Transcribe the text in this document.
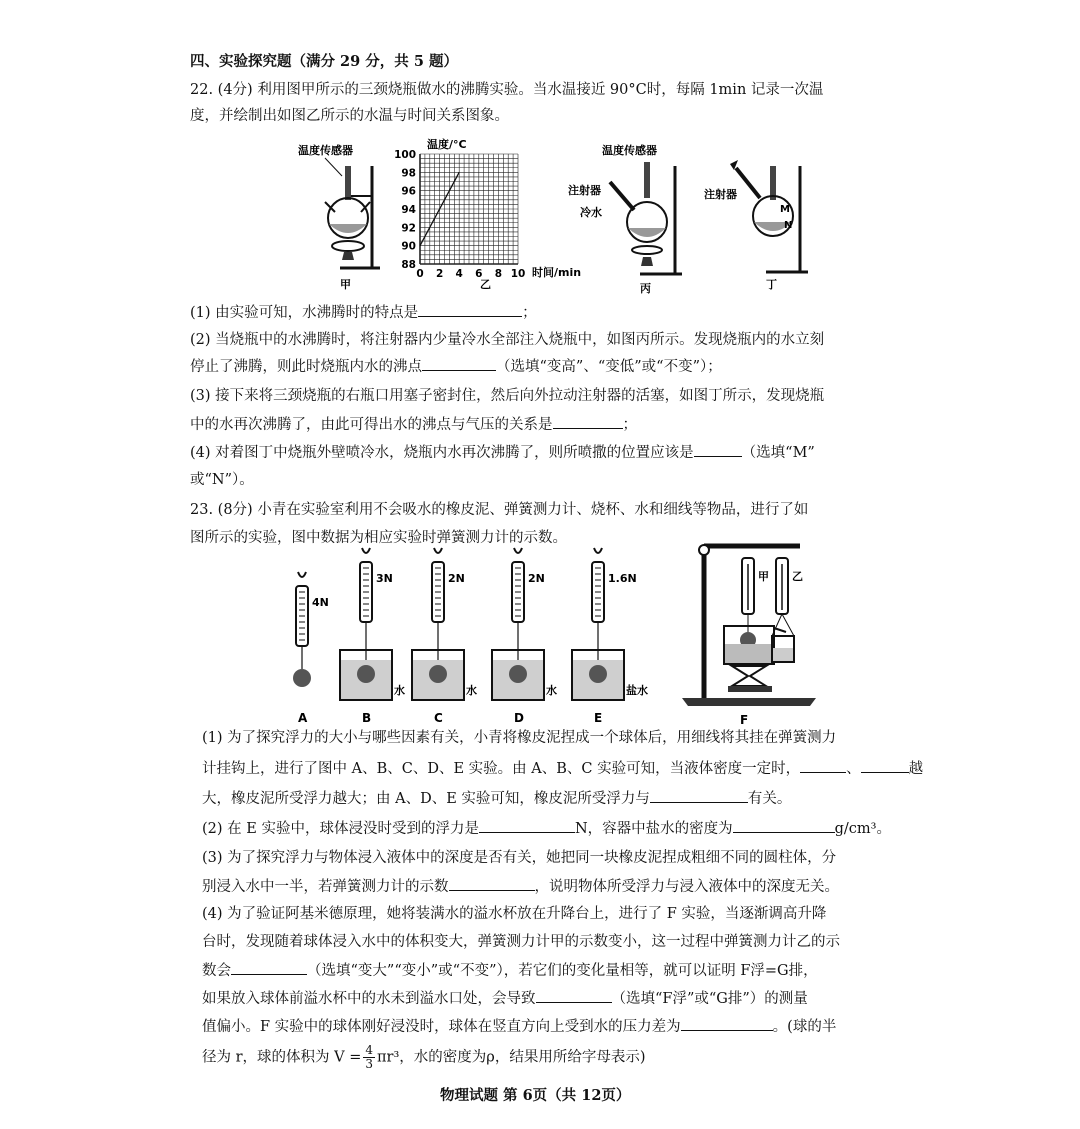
四、实验探究题（满分 29 分，共 5 题）
22. (4分) 利用图甲所示的三颈烧瓶做水的沸腾实验。当水温接近 90°C时，每隔 1min 记录一次温
度，并绘制出如图乙所示的水温与时间关系图象。
温度传感器
甲
温度/°C
88
90
92
94
96
98
100
0 2 4 6 8 10 时间/min
乙
温度传感器
注射器
冷水
丙
注射器
M
N
丁
(1) 由实验可知，水沸腾时的特点是	；
(2) 当烧瓶中的水沸腾时，将注射器内少量冷水全部注入烧瓶中，如图丙所示。发现烧瓶内的水立刻
停止了沸腾，则此时烧瓶内水的沸点	（选填“变高”、“变低”或“不变”）；
(3) 接下来将三颈烧瓶的右瓶口用塞子密封住，然后向外拉动注射器的活塞，如图丁所示，发现烧瓶
中的水再次沸腾了，由此可得出水的沸点与气压的关系是	；
(4) 对着图丁中烧瓶外壁喷冷水，烧瓶内水再次沸腾了，则所喷撒的位置应该是	（选填“M”
或“N”）。
23. (8分) 小青在实验室利用不会吸水的橡皮泥、弹簧测力计、烧杯、水和细线等物品，进行了如
图所示的实验，图中数据为相应实验时弹簧测力计的示数。
4N
A
3N
水
B
2N
水
C
2N
水
D
1.6N
盐水
E
甲 乙
F
(1) 为了探究浮力的大小与哪些因素有关，小青将橡皮泥捏成一个球体后，用细线将其挂在弹簧测力
计挂钩上，进行了图中 A、B、C、D、E 实验。由 A、B、C 实验可知，当液体密度一定时，	、	越
大，橡皮泥所受浮力越大；由 A、D、E 实验可知，橡皮泥所受浮力与	有关。
(2) 在 E 实验中，球体浸没时受到的浮力是	N，容器中盐水的密度为	g/cm³。
(3) 为了探究浮力与物体浸入液体中的深度是否有关，她把同一块橡皮泥捏成粗细不同的圆柱体，分
别浸入水中一半，若弹簧测力计的示数	，说明物体所受浮力与浸入液体中的深度无关。
(4) 为了验证阿基米德原理，她将装满水的溢水杯放在升降台上，进行了 F 实验，当逐渐调高升降
台时，发现随着球体浸入水中的体积变大，弹簧测力计甲的示数变小，这一过程中弹簧测力计乙的示
数会	（选填“变大”“变小”或“不变”），若它们的变化量相等，就可以证明 F浮=G排，
如果放入球体前溢水杯中的水未到溢水口处，会导致	（选填“F浮”或“G排”）的测量
值偏小。F 实验中的球体刚好浸没时，球体在竖直方向上受到水的压力差为	。(球的半
径为 r，球的体积为 $V = \frac{4}{3} \pi r^3$，水的密度为ρ，结果用所给字母表示)
物理试题 第 6页（共 12页）
